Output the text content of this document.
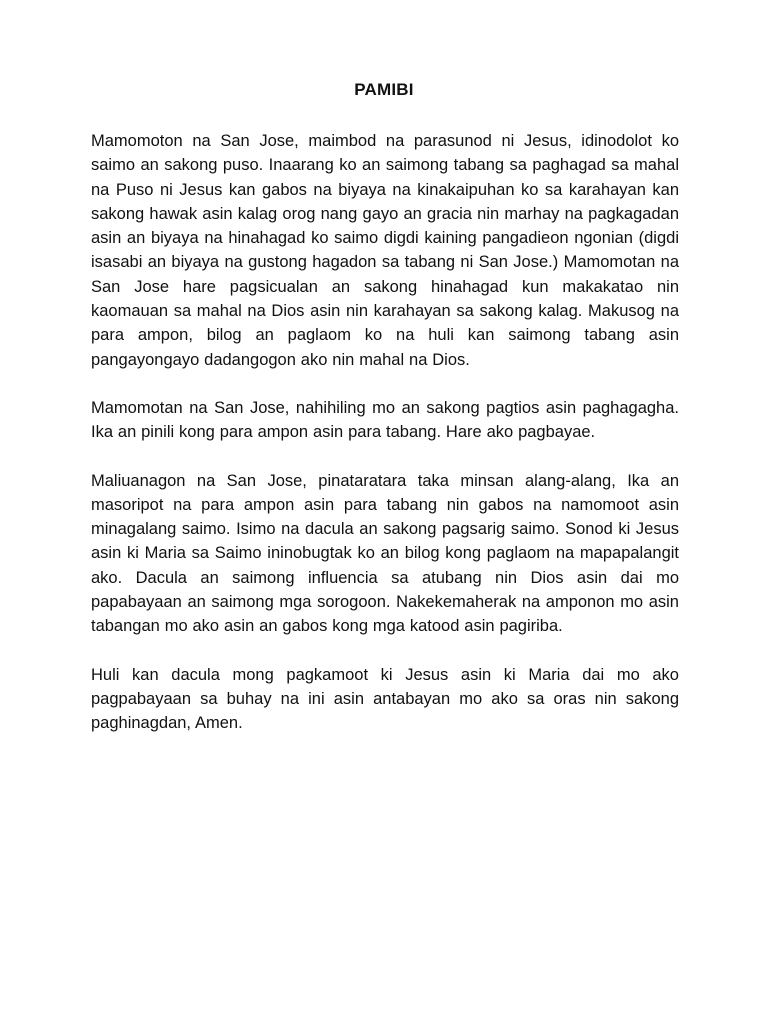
PAMIBI

Mamomoton na San Jose, maimbod na parasunod ni Jesus, idinodolot ko saimo an sakong puso. Inaarang ko an saimong tabang sa paghagad sa mahal na Puso ni Jesus kan gabos na biyaya na kinakaipuhan ko sa karahayan kan sakong hawak asin kalag orog nang gayo an gracia nin marhay na pagkagadan asin an biyaya na hinahagad ko saimo digdi kaining pangadieon ngonian (digdi isasabi an biyaya na gustong hagadon sa tabang ni San Jose.) Mamomotan na San Jose hare pagsicualan an sakong hinahagad kun makakatao nin kaomauan sa mahal na Dios asin nin karahayan sa sakong kalag. Makusog na para ampon, bilog an paglaom ko na huli kan saimong tabang asin pangayongayo dadangogon ako nin mahal na Dios.

Mamomotan na San Jose, nahihiling mo an sakong pagtios asin paghagagha. Ika an pinili kong para ampon asin para tabang. Hare ako pagbayae.

Maliuanagon na San Jose, pinataratara taka minsan alang-alang, Ika an masoripot na para ampon asin para tabang nin gabos na namomoot asin minagalang saimo. Isimo na dacula an sakong pagsarig saimo. Sonod ki Jesus asin ki Maria sa Saimo ininobugtak ko an bilog kong paglaom na mapapalangit ako. Dacula an saimong influencia sa atubang nin Dios asin dai mo papabayaan an saimong mga sorogoon. Nakekemaherak na amponon mo asin tabangan mo ako asin an gabos kong mga katood asin pagiriba.

Huli kan dacula mong pagkamoot ki Jesus asin ki Maria dai mo ako pagpabayaan sa buhay na ini asin antabayan mo ako sa oras nin sakong paghinagdan, Amen.
